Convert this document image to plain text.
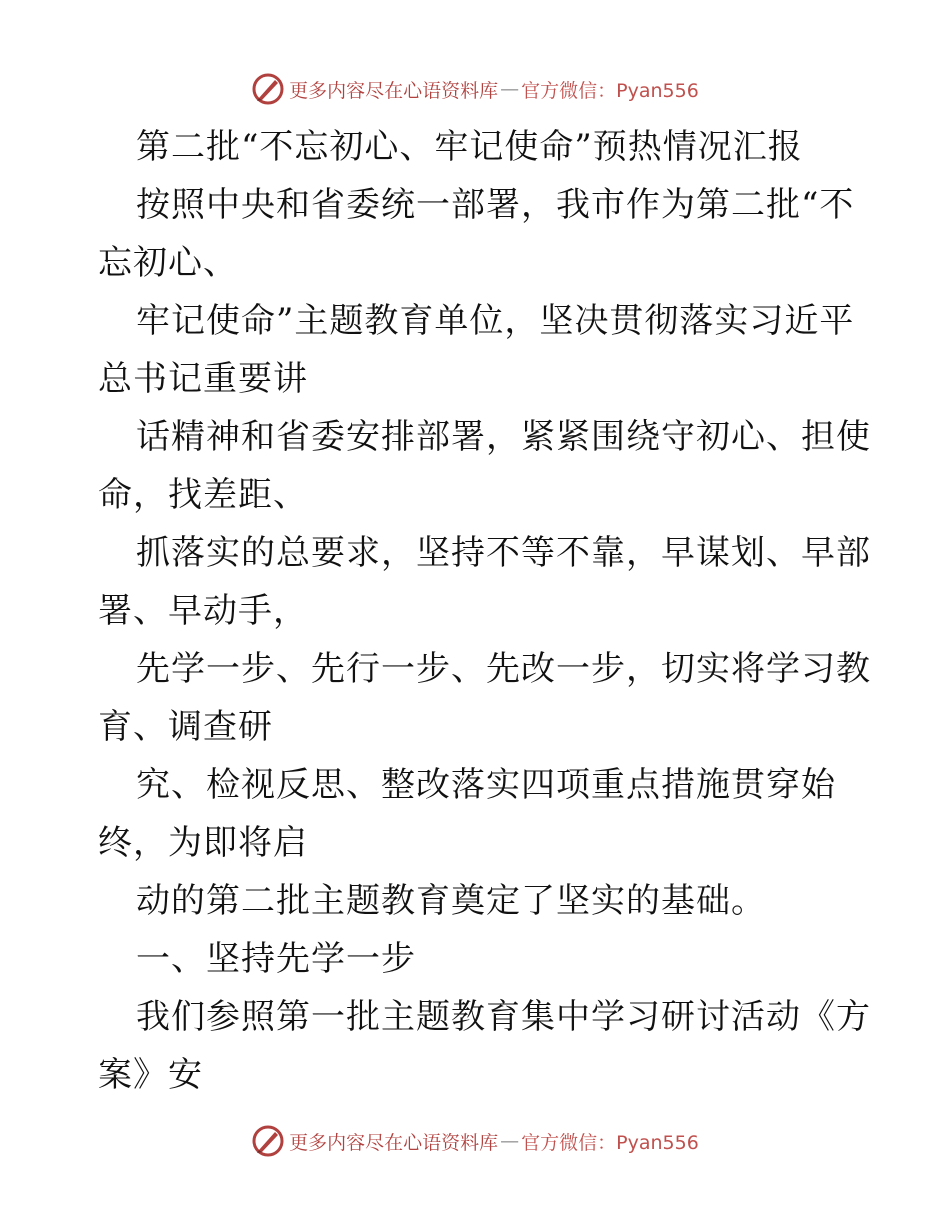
更多内容尽在心语资料库 — 官方微信：Pyan556
第二批“不忘初心、牢记使命”预热情况汇报
按照中央和省委统一部署，我市作为第二批“不
忘初心、
牢记使命”主题教育单位，坚决贯彻落实习近平
总书记重要讲
话精神和省委安排部署，紧紧围绕守初心、担使
命，找差距、
抓落实的总要求，坚持不等不靠，早谋划、早部
署、早动手，
先学一步、先行一步、先改一步，切实将学习教
育、调查研
究、检视反思、整改落实四项重点措施贯穿始
终，为即将启
动的第二批主题教育奠定了坚实的基础。
一、坚持先学一步
我们参照第一批主题教育集中学习研讨活动《方
案》安
更多内容尽在心语资料库 — 官方微信：Pyan556
